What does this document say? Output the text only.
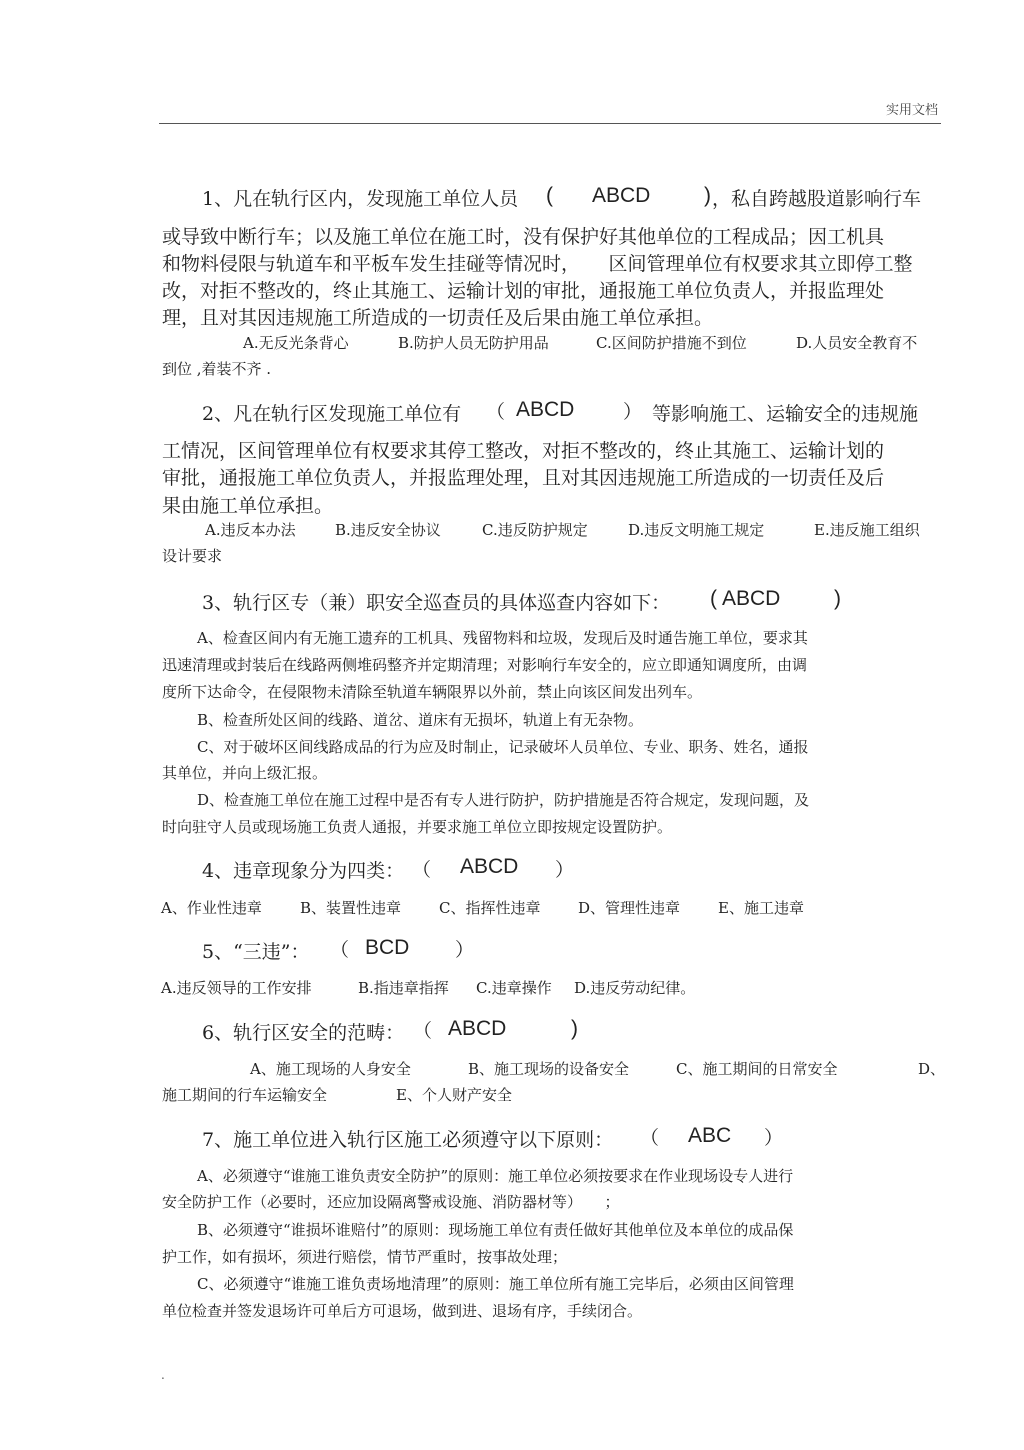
实用文档
1、凡在轨行区内，发现施工单位人员 ( ABCD	) ，私自跨越股道影响行车
或导致中断行车；以及施工单位在施工时，没有保护好其他单位的工程成品；因工机具
和物料侵限与轨道车和平板车发生挂碰等情况时，　　区间管理单位有权要求其立即停工整
改，对拒不整改的，终止其施工、运输计划的审批，通报施工单位负责人，并报监理处
理，且对其因违规施工所造成的一切责任及后果由施工单位承担。
A.无反光条背心	B.防护人员无防护用品	C.区间防护措施不到位	D.人员安全教育不
到位 ,着装不齐 .
2、凡在轨行区发现施工单位有 （ ABCD	） 等影响施工、运输安全的违规施
工情况，区间管理单位有权要求其停工整改，对拒不整改的，终止其施工、运输计划的
审批，通报施工单位负责人，并报监理处理，且对其因违规施工所造成的一切责任及后
果由施工单位承担。
A.违反本办法	B.违反安全协议	C.违反防护规定	D.违反文明施工规定	E.违反施工组织
设计要求
3、轨行区专（兼）职安全巡查员的具体巡查内容如下： ( ABCD	)
A、检查区间内有无施工遗弃的工机具、残留物料和垃圾，发现后及时通告施工单位，要求其
迅速清理或封装后在线路两侧堆码整齐并定期清理；对影响行车安全的，应立即通知调度所，由调
度所下达命令，在侵限物未清除至轨道车辆限界以外前，禁止向该区间发出列车。
B、检查所处区间的线路、道岔、道床有无损坏，轨道上有无杂物。
C、对于破坏区间线路成品的行为应及时制止，记录破坏人员单位、专业、职务、姓名，通报
其单位，并向上级汇报。
D、检查施工单位在施工过程中是否有专人进行防护，防护措施是否符合规定，发现问题，及
时向驻守人员或现场施工负责人通报，并要求施工单位立即按规定设置防护。
4、违章现象分为四类： （ ABCD ）
A、作业性违章	B、装置性违章	C、指挥性违章	D、管理性违章	E、施工违章
5、“三违”： （ BCD ）
A.违反领导的工作安排	B.指违章指挥 C.违章操作 D.违反劳动纪律。
6、轨行区安全的范畴： （ ABCD	)
A、施工现场的人身安全	B、施工现场的设备安全	C、施工期间的日常安全	D、
施工期间的行车运输安全	E、个人财产安全
7、施工单位进入轨行区施工必须遵守以下原则： （ ABC ）
A、必须遵守“谁施工谁负责安全防护”的原则：施工单位必须按要求在作业现场设专人进行
安全防护工作（必要时，还应加设隔离警戒设施、消防器材等）　　；
B、必须遵守“谁损坏谁赔付”的原则：现场施工单位有责任做好其他单位及本单位的成品保
护工作，如有损坏，须进行赔偿，情节严重时，按事故处理；
C、必须遵守“谁施工谁负责场地清理”的原则：施工单位所有施工完毕后，必须由区间管理
单位检查并签发退场许可单后方可退场，做到进、退场有序，手续闭合。
.
